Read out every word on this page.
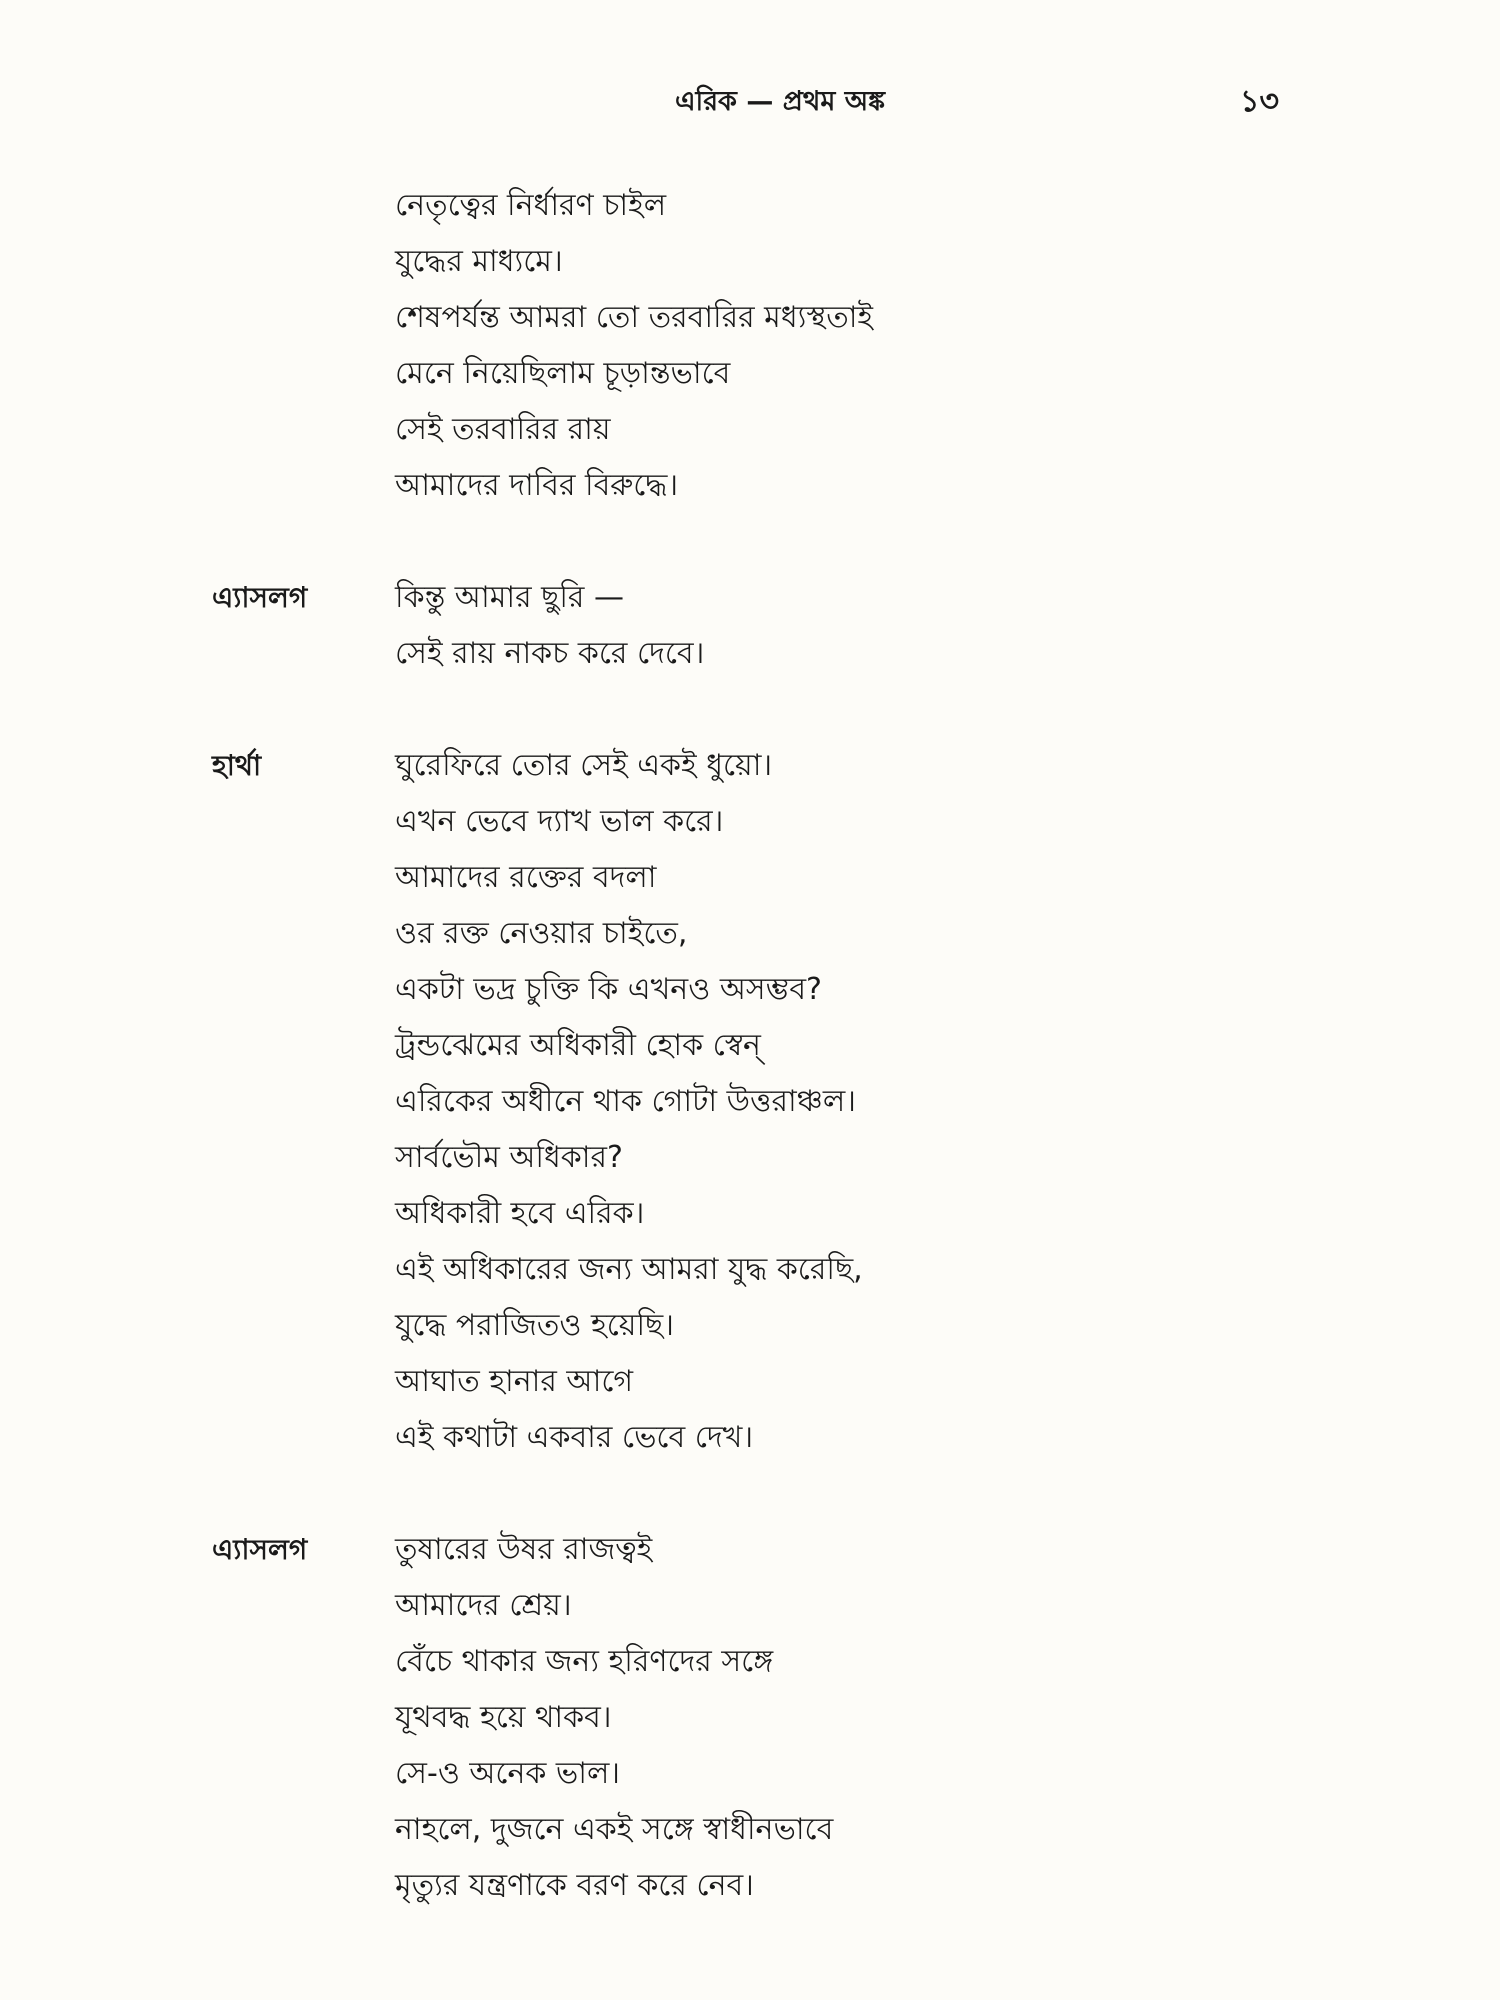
এরিক — প্রথম অঙ্ক	১৩
নেতৃত্বের নির্ধারণ চাইল
যুদ্ধের মাধ্যমে।
শেষপর্যন্ত আমরা তো তরবারির মধ্যস্থতাই
মেনে নিয়েছিলাম চূড়ান্তভাবে
সেই তরবারির রায়
আমাদের দাবির বিরুদ্ধে।
এ্যাসলগ	কিন্তু আমার ছুরি —
সেই রায় নাকচ করে দেবে।
হার্থা	ঘুরেফিরে তোর সেই একই ধুয়ো।
এখন ভেবে দ্যাখ ভাল করে।
আমাদের রক্তের বদলা
ওর রক্ত নেওয়ার চাইতে,
একটা ভদ্র চুক্তি কি এখনও অসম্ভব?
ট্রন্ডঝেমের অধিকারী হোক স্বেন্
এরিকের অধীনে থাক গোটা উত্তরাঞ্চল।
সার্বভৌম অধিকার?
অধিকারী হবে এরিক।
এই অধিকারের জন্য আমরা যুদ্ধ করেছি,
যুদ্ধে পরাজিতও হয়েছি।
আঘাত হানার আগে
এই কথাটা একবার ভেবে দেখ।
এ্যাসলগ	তুষারের উষর রাজত্বই
আমাদের শ্রেয়।
বেঁচে থাকার জন্য হরিণদের সঙ্গে
যূথবদ্ধ হয়ে থাকব।
সে-ও অনেক ভাল।
নাহলে, দুজনে একই সঙ্গে স্বাধীনভাবে
মৃত্যুর যন্ত্রণাকে বরণ করে নেব।
